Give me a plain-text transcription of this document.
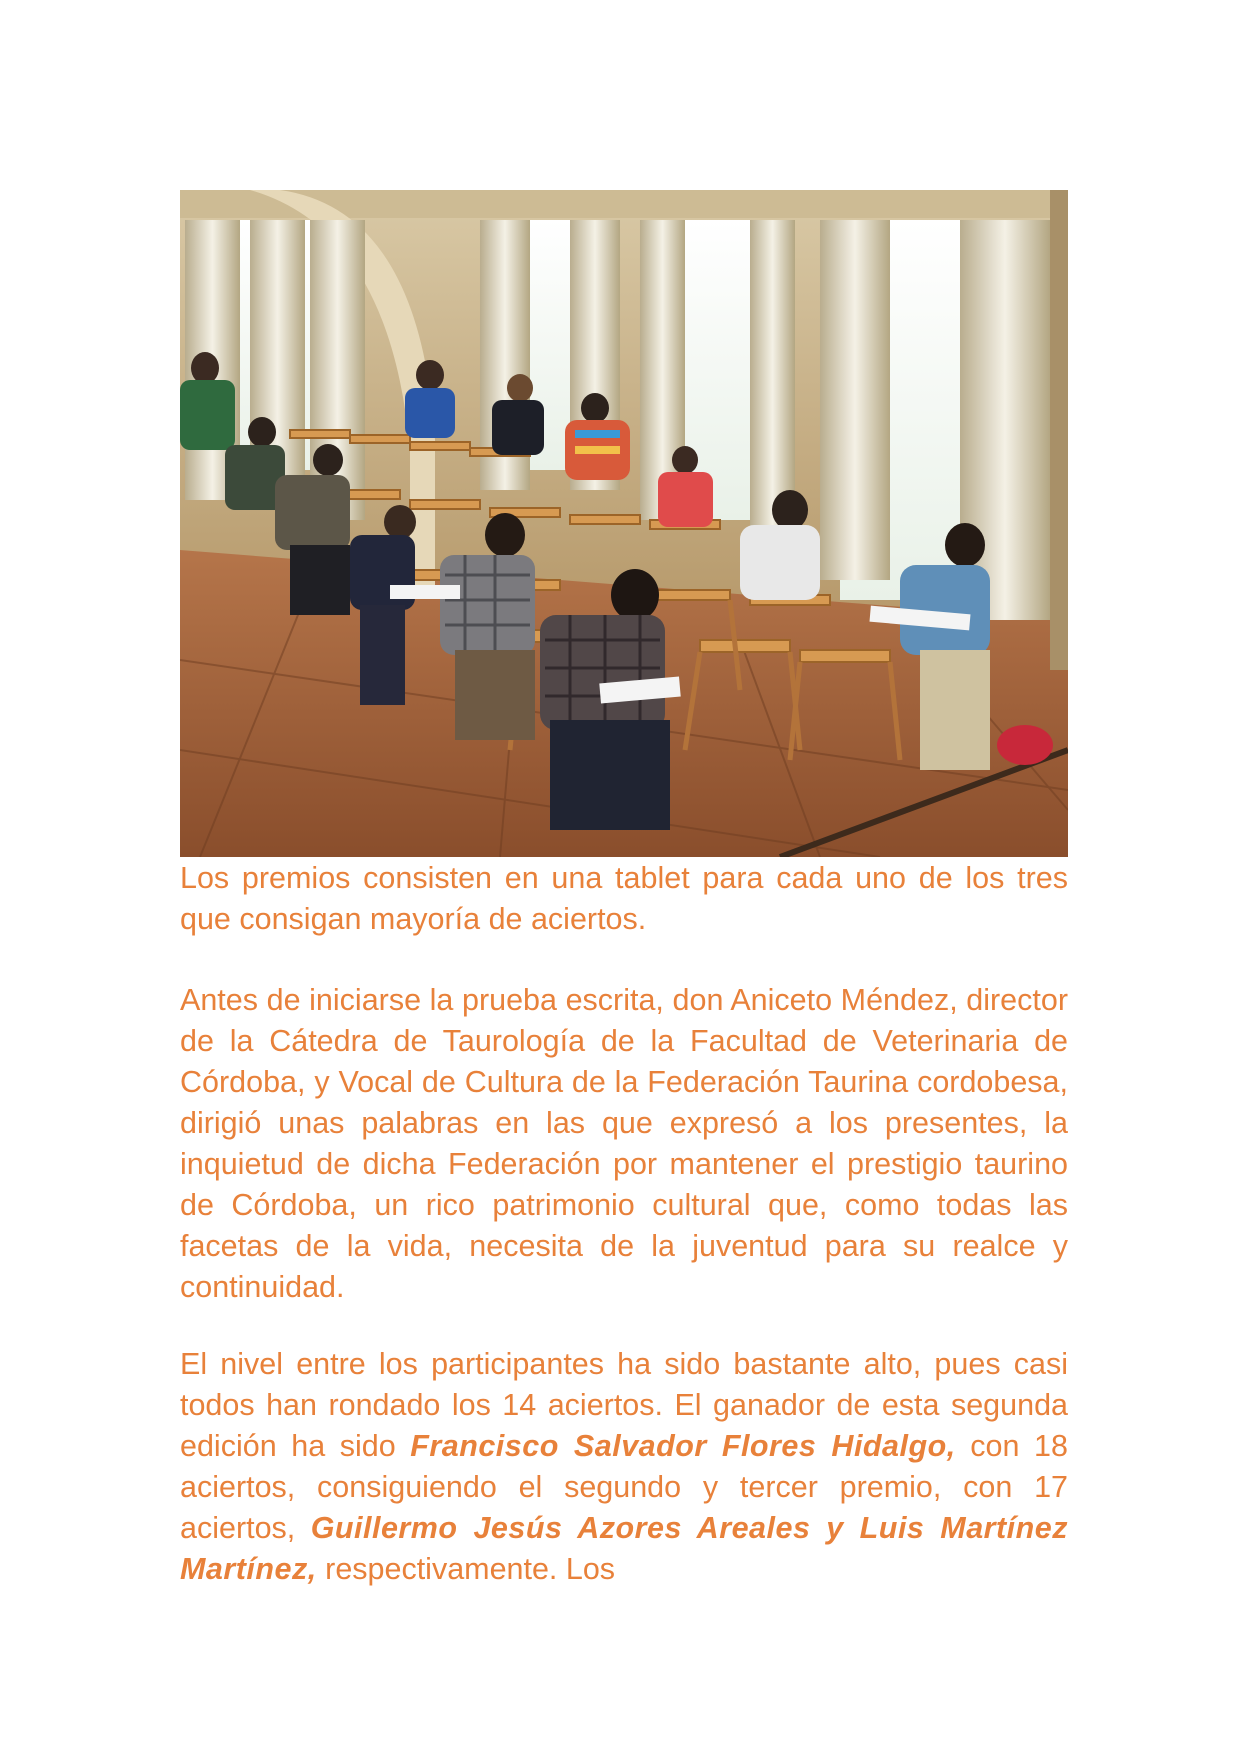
Los premios consisten en una tablet para cada uno de los tres que consigan mayoría de aciertos.

Antes de iniciarse la prueba escrita, don Aniceto Méndez, director de la Cátedra de Taurología de la Facultad de Veterinaria de Córdoba, y Vocal de Cultura de la Federación Taurina cordobesa, dirigió unas palabras en las que expresó a los presentes, la inquietud de dicha Federación por mantener el prestigio taurino de Córdoba, un rico patrimonio cultural que, como todas las facetas de la vida, necesita de la juventud para su realce y continuidad.

El nivel entre los participantes ha sido bastante alto, pues casi todos han rondado los 14 aciertos. El ganador de esta segunda edición ha sido Francisco Salvador Flores Hidalgo, con 18 aciertos, consiguiendo el segundo y tercer premio, con 17 aciertos, Guillermo Jesús Azores Areales y Luis Martínez Martínez, respectivamente. Los
